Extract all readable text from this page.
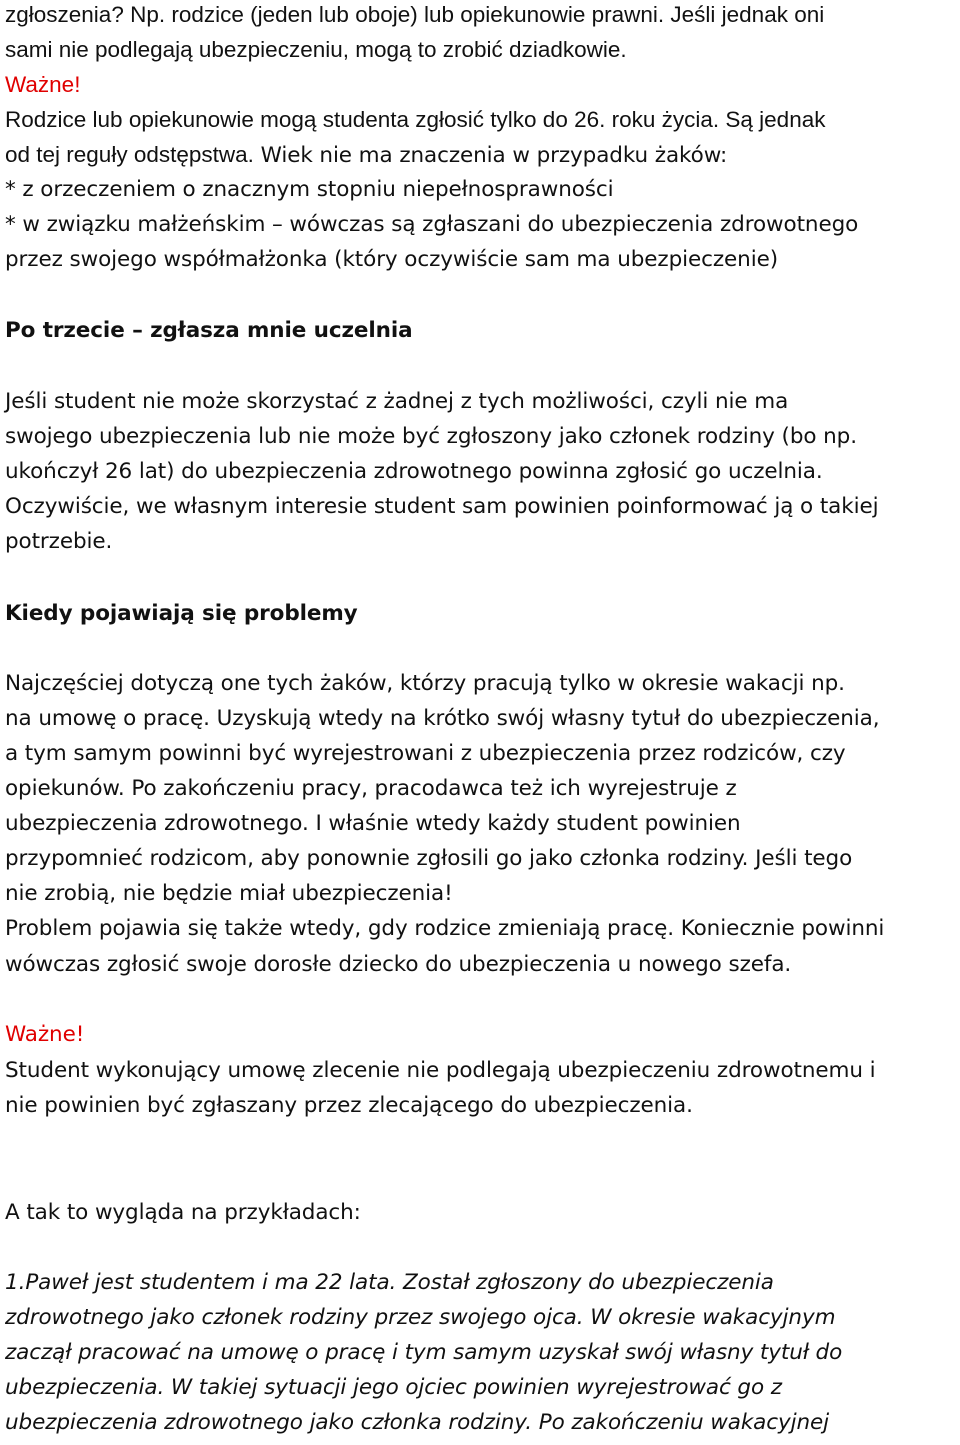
zgłoszenia? Np. rodzice (jeden lub oboje) lub opiekunowie prawni. Jeśli jednak oni
sami nie podlegają ubezpieczeniu, mogą to zrobić dziadkowie.
Ważne!
Rodzice lub opiekunowie mogą studenta zgłosić tylko do 26. roku życia. Są jednak
od tej reguły odstępstwa. Wiek nie ma znaczenia w przypadku żaków:
* z orzeczeniem o znacznym stopniu niepełnosprawności
* w związku małżeńskim – wówczas są zgłaszani do ubezpieczenia zdrowotnego
przez swojego współmałżonka (który oczywiście sam ma ubezpieczenie)
Po trzecie – zgłasza mnie uczelnia
Jeśli student nie może skorzystać z żadnej z tych możliwości, czyli nie ma
swojego ubezpieczenia lub nie może być zgłoszony jako członek rodziny (bo np.
ukończył 26 lat) do ubezpieczenia zdrowotnego powinna zgłosić go uczelnia.
Oczywiście, we własnym interesie student sam powinien poinformować ją o takiej
potrzebie.
Kiedy pojawiają się problemy
Najczęściej dotyczą one tych żaków, którzy pracują tylko w okresie wakacji np.
na umowę o pracę. Uzyskują wtedy na krótko swój własny tytuł do ubezpieczenia,
a tym samym powinni być wyrejestrowani z ubezpieczenia przez rodziców, czy
opiekunów. Po zakończeniu pracy, pracodawca też ich wyrejestruje z
ubezpieczenia zdrowotnego. I właśnie wtedy każdy student powinien
przypomnieć rodzicom, aby ponownie zgłosili go jako członka rodziny. Jeśli tego
nie zrobią, nie będzie miał ubezpieczenia!
Problem pojawia się także wtedy, gdy rodzice zmieniają pracę. Koniecznie powinni
wówczas zgłosić swoje dorosłe dziecko do ubezpieczenia u nowego szefa.
Ważne!
Student wykonujący umowę zlecenie nie podlegają ubezpieczeniu zdrowotnemu i
nie powinien być zgłaszany przez zlecającego do ubezpieczenia.
A tak to wygląda na przykładach:
1.Paweł jest studentem i ma 22 lata. Został zgłoszony do ubezpieczenia
zdrowotnego jako członek rodziny przez swojego ojca. W okresie wakacyjnym
zaczął pracować na umowę o pracę i tym samym uzyskał swój własny tytuł do
ubezpieczenia. W takiej sytuacji jego ojciec powinien wyrejestrować go z
ubezpieczenia zdrowotnego jako członka rodziny. Po zakończeniu wakacyjnej
